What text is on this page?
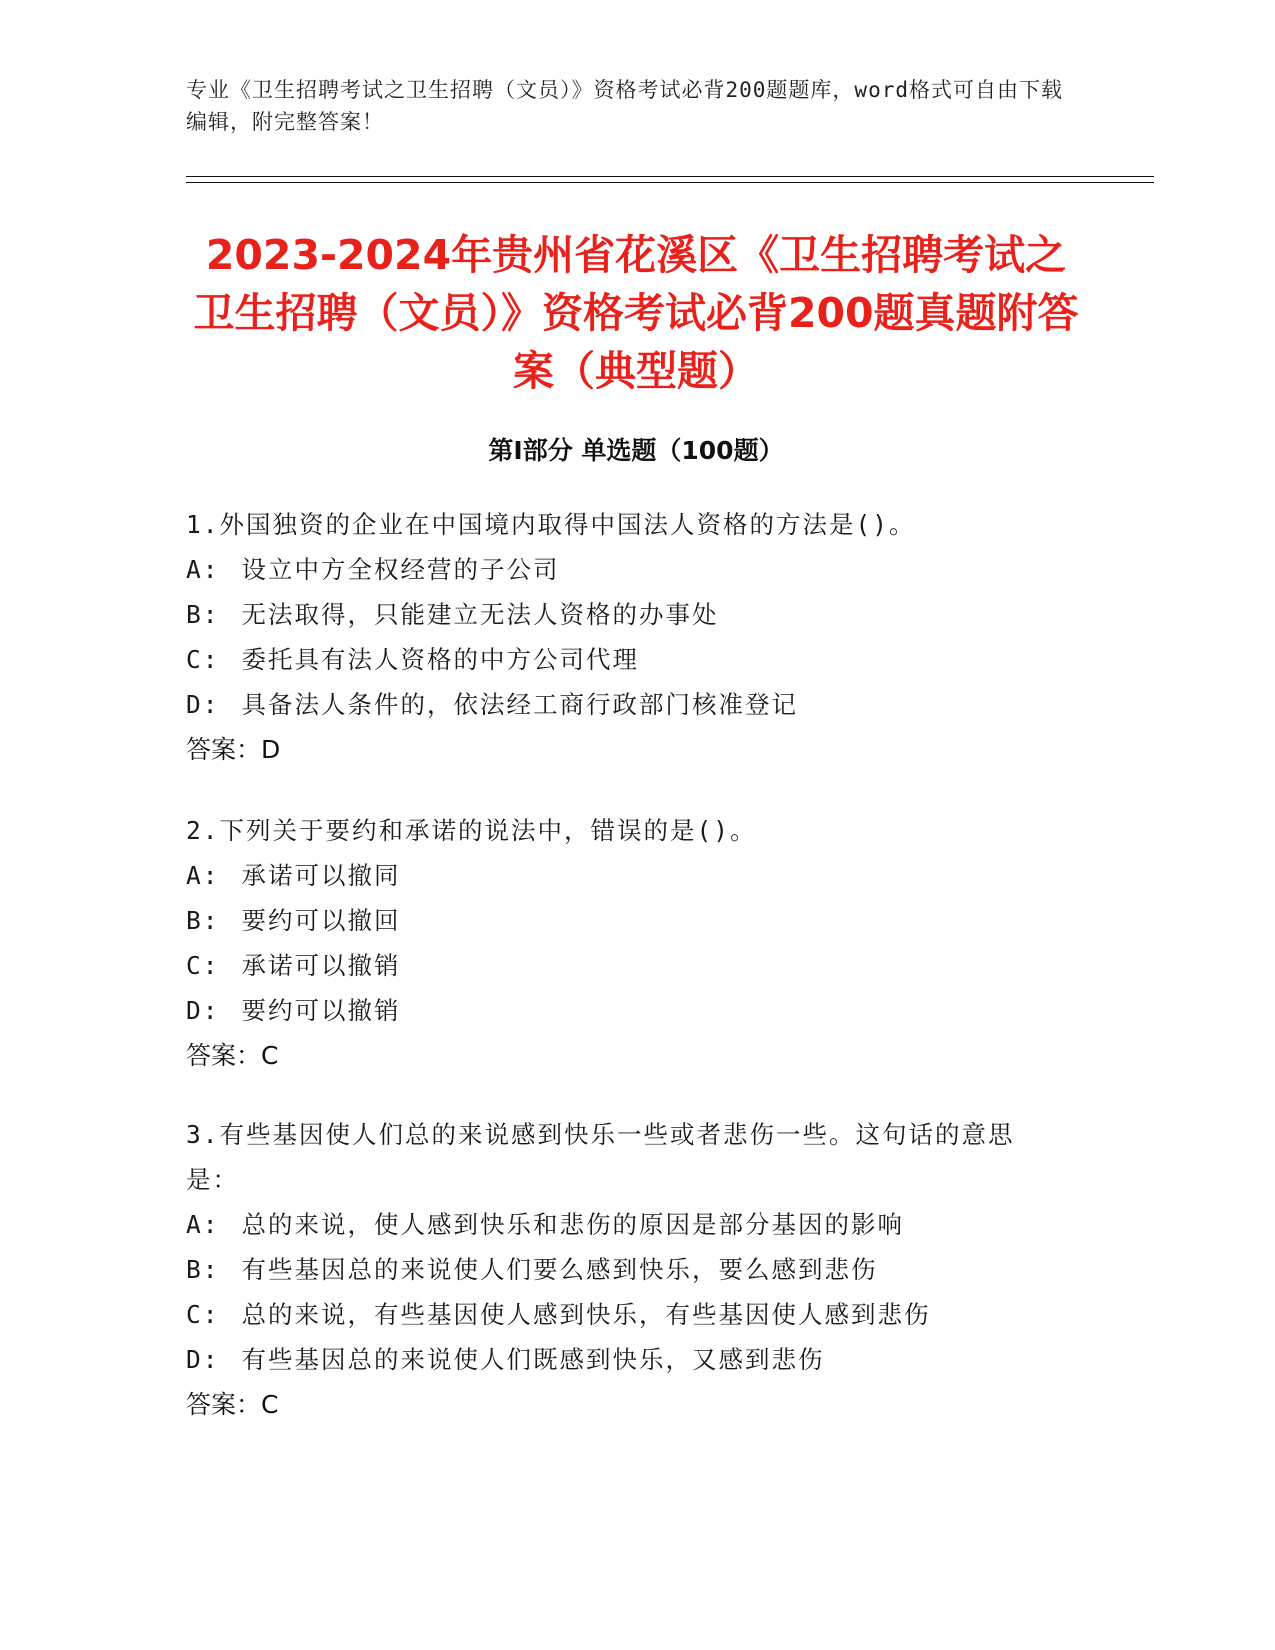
专业《卫生招聘考试之卫生招聘（文员）》资格考试必背200题题库，word格式可自由下载编辑，附完整答案！
2023-2024年贵州省花溪区《卫生招聘考试之卫生招聘（文员）》资格考试必背200题真题附答案（典型题）
第I部分 单选题（100题）
1.外国独资的企业在中国境内取得中国法人资格的方法是()。
A: 设立中方全权经营的子公司
B: 无法取得，只能建立无法人资格的办事处
C: 委托具有法人资格的中方公司代理
D: 具备法人条件的，依法经工商行政部门核准登记
答案：D
2.下列关于要约和承诺的说法中，错误的是()。
A: 承诺可以撤同
B: 要约可以撤回
C: 承诺可以撤销
D: 要约可以撤销
答案：C
3.有些基因使人们总的来说感到快乐一些或者悲伤一些。这句话的意思是：
A: 总的来说，使人感到快乐和悲伤的原因是部分基因的影响
B: 有些基因总的来说使人们要么感到快乐，要么感到悲伤
C: 总的来说，有些基因使人感到快乐，有些基因使人感到悲伤
D: 有些基因总的来说使人们既感到快乐，又感到悲伤
答案：C
